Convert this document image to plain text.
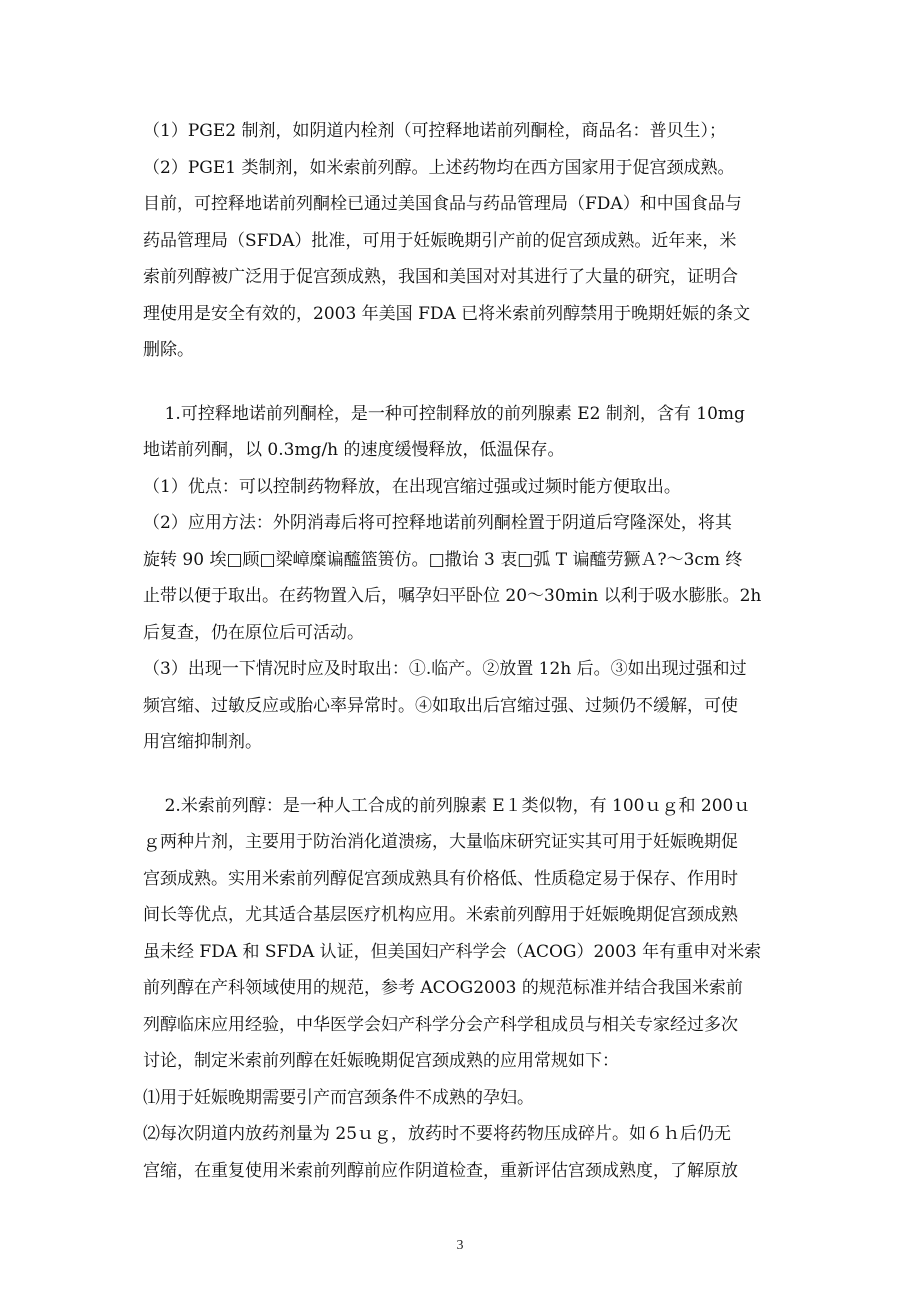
（1）PGE2 制剂，如阴道内栓剂（可控释地诺前列酮栓，商品名：普贝生）；
（2）PGE1 类制剂，如米索前列醇。上述药物均在西方国家用于促宫颈成熟。
目前，可控释地诺前列酮栓已通过美国食品与药品管理局（FDA）和中国食品与
药品管理局（SFDA）批准，可用于妊娠晚期引产前的促宫颈成熟。近年来，米
索前列醇被广泛用于促宫颈成熟，我国和美国对对其进行了大量的研究，证明合
理使用是安全有效的，2003 年美国 FDA 已将米索前列醇禁用于晚期妊娠的条文
删除。
1.可控释地诺前列酮栓，是一种可控制释放的前列腺素 E2 制剂，含有 10mg
地诺前列酮，以 0.3mg/h 的速度缓慢释放，低温保存。
（1）优点：可以控制药物释放，在出现宫缩过强或过频时能方便取出。
（2）应用方法：外阴消毒后将可控释地诺前列酮栓置于阴道后穹隆深处，将其
旋转 90 埃□顾□梁嶂糜谝醯篮篑仿。□撒诒 3 衷□弧 T 谝醯劳獗Ａ?～3cm 终
止带以便于取出。在药物置入后，嘱孕妇平卧位 20～30min 以利于吸水膨胀。2h
后复查，仍在原位后可活动。
（3）出现一下情况时应及时取出：①.临产。②放置 12h 后。③如出现过强和过
频宫缩、过敏反应或胎心率异常时。④如取出后宫缩过强、过频仍不缓解，可使
用宫缩抑制剂。
2.米索前列醇：是一种人工合成的前列腺素 E１类似物，有 100ｕｇ和 200ｕ
ｇ两种片剂，主要用于防治消化道溃疡，大量临床研究证实其可用于妊娠晚期促
宫颈成熟。实用米索前列醇促宫颈成熟具有价格低、性质稳定易于保存、作用时
间长等优点，尤其适合基层医疗机构应用。米索前列醇用于妊娠晚期促宫颈成熟
虽未经 FDA 和 SFDA 认证，但美国妇产科学会（ACOG）2003 年有重申对米索
前列醇在产科领域使用的规范，参考 ACOG2003 的规范标准并结合我国米索前
列醇临床应用经验，中华医学会妇产科学分会产科学租成员与相关专家经过多次
讨论，制定米索前列醇在妊娠晚期促宫颈成熟的应用常规如下：
⑴用于妊娠晚期需要引产而宫颈条件不成熟的孕妇。
⑵每次阴道内放药剂量为 25ｕｇ，放药时不要将药物压成碎片。如６ｈ后仍无
宫缩，在重复使用米索前列醇前应作阴道检查，重新评估宫颈成熟度，了解原放
3
